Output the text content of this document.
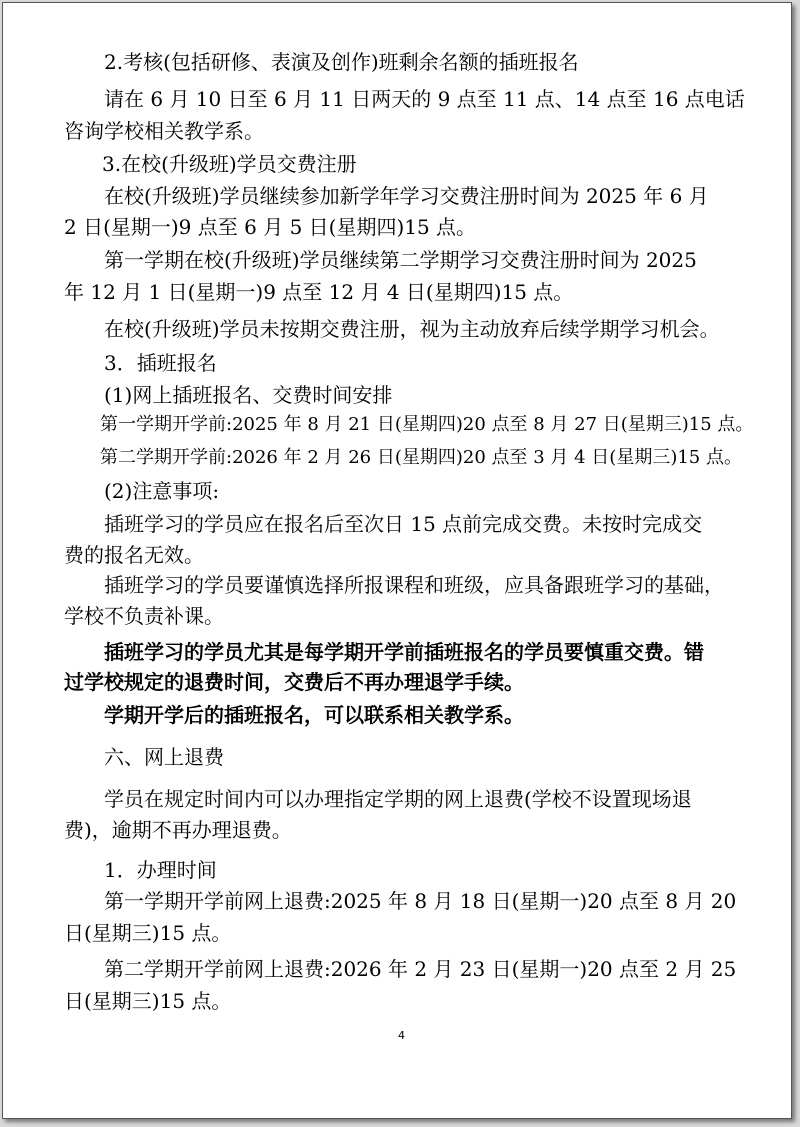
2.考核(包括研修、表演及创作)班剩余名额的插班报名
请在 6 月 10 日至 6 月 11 日两天的 9 点至 11 点、14 点至 16 点电话
咨询学校相关教学系。
3.在校(升级班)学员交费注册
在校(升级班)学员继续参加新学年学习交费注册时间为 2025 年 6 月
2 日(星期一)9 点至 6 月 5 日(星期四)15 点。
第一学期在校(升级班)学员继续第二学期学习交费注册时间为 2025
年 12 月 1 日(星期一)9 点至 12 月 4 日(星期四)15 点。
在校(升级班)学员未按期交费注册，视为主动放弃后续学期学习机会。
3．插班报名
(1)网上插班报名、交费时间安排
第一学期开学前:2025 年 8 月 21 日(星期四)20 点至 8 月 27 日(星期三)15 点。
第二学期开学前:2026 年 2 月 26 日(星期四)20 点至 3 月 4 日(星期三)15 点。
(2)注意事项:
插班学习的学员应在报名后至次日 15 点前完成交费。未按时完成交
费的报名无效。
插班学习的学员要谨慎选择所报课程和班级，应具备跟班学习的基础，
学校不负责补课。
插班学习的学员尤其是每学期开学前插班报名的学员要慎重交费。错
过学校规定的退费时间，交费后不再办理退学手续。
学期开学后的插班报名，可以联系相关教学系。
六、网上退费
学员在规定时间内可以办理指定学期的网上退费(学校不设置现场退
费)，逾期不再办理退费。
1．办理时间
第一学期开学前网上退费:2025 年 8 月 18 日(星期一)20 点至 8 月 20
日(星期三)15 点。
第二学期开学前网上退费:2026 年 2 月 23 日(星期一)20 点至 2 月 25
日(星期三)15 点。
4
